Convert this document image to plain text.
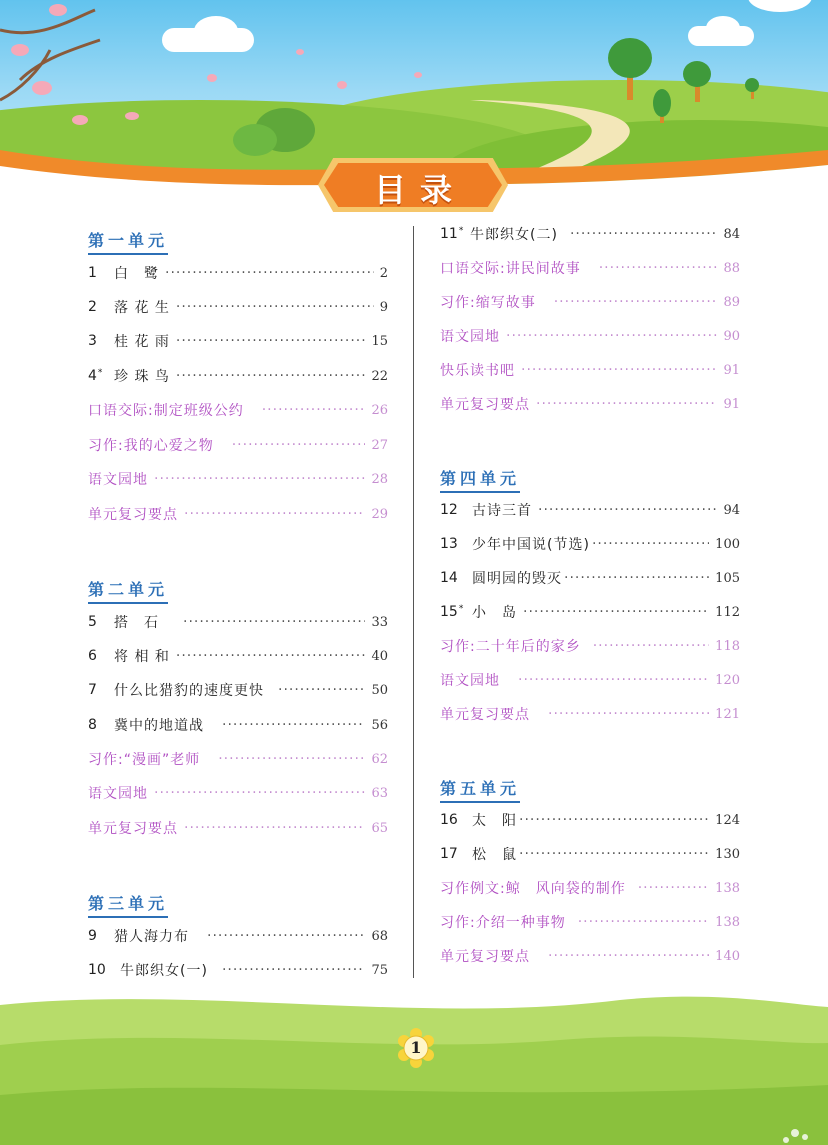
目录
第一单元
1	白　鹭 ·····	2
2	落 花 生 ·····	9
3	桂 花 雨 ·····	15
4* 珍 珠 鸟 ·····	22
口语交际:制定班级公约 ·····	26
习作:我的心爱之物 ·····	27
语文园地 ·····	28
单元复习要点 ·····	29
第二单元
5	搭　石 ·····	33
6	将 相 和 ·····	40
7	什么比猎豹的速度更快 ·····	50
8	冀中的地道战 ·····	56
习作:“漫画”老师 ·····	62
语文园地 ·····	63
单元复习要点 ·····	65
第三单元
9	猎人海力布 ·····	68
10	牛郎织女(一) ·····	75
11* 牛郎织女(二) ·····	84
口语交际:讲民间故事 ·····	88
习作:缩写故事 ·····	89
语文园地 ·····	90
快乐读书吧 ·····	91
单元复习要点 ·····	91
第四单元
12	古诗三首 ·····	94
13	少年中国说(节选) ·····	100
14	圆明园的毁灭 ·····	105
15* 小　岛 ·····	112
习作:二十年后的家乡 ·····	118
语文园地 ·····	120
单元复习要点 ·····	121
第五单元
16	太　阳 ·····	124
17	松　鼠 ·····	130
习作例文:鲸　风向袋的制作 ·····	138
习作:介绍一种事物 ·····	138
单元复习要点 ·····	140
1
